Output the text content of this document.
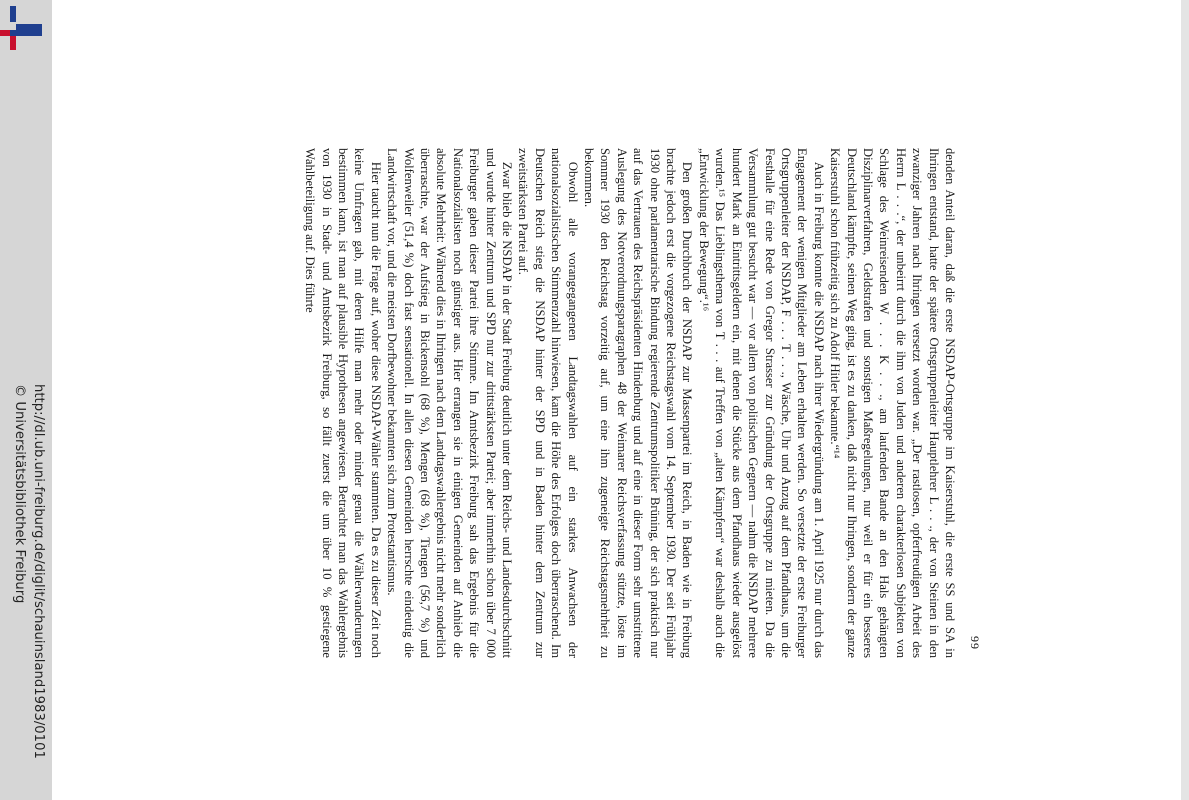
http://dl.ub.uni-freiburg.de/diglit/schauinsland1983/0101
© Universitätsbibliothek Freiburg
99

denden Anteil daran, daß die erste NSDAP-Ortsgruppe im Kaiserstuhl, die erste SS und SA in Ihringen entstand, hatte der spätere Ortsgruppenleiter Hauptlehrer L . . ., der von Steinen in den zwanziger Jahren nach Ihringen versetzt worden war. „Der rastlosen, opferfreudigen Arbeit des Herrn L . . .“, der unbeirrt durch die ihm von Juden und anderen charakterlosen Subjekten von Schlage des Weinreisenden W . . . K . . ., am laufenden Bande an den Hals gehängten Disziplinarverfahren, Geldstrafen und sonstigen Maßregelungen, nur weil er für ein besseres Deutschland kämpfte, seinen Weg ging, ist es zu danken, daß nicht nur Ihringen, sondern der ganze Kaiserstuhl schon frühzeitig sich zu Adolf Hitler bekannte.“¹⁴

Auch in Freiburg konnte die NSDAP nach ihrer Wiedergründung am 1. April 1925 nur durch das Engagement der wenigen Mitglieder am Leben erhalten werden. So versetzte der erste Freiburger Ortsgruppenleiter der NSDAP, F . . . T . . ., Wäsche, Uhr und Anzug auf dem Pfandhaus, um die Festhalle für eine Rede von Gregor Strasser zur Gründung der Ortsgruppe zu mieten. Da die Versammlung gut besucht war — vor allem von politischen Gegnern — nahm die NSDAP mehrere hundert Mark an Eintrittsgeldern ein, mit denen die Stücke aus dem Pfandhaus wieder ausgelöst wurden.¹⁵ Das Lieblingsthema von T . . . auf Treffen von „alten Kämpfern“ war deshalb auch die „Entwicklung der Bewegung“.¹⁶

Den großen Durchbruch der NSDAP zur Massenpartei im Reich, in Baden wie in Freiburg brachte jedoch erst die vorgezogene Reichstagswahl vom 14. September 1930. Der seit Frühjahr 1930 ohne parlamentarische Bindung regierende Zentrumspolitiker Brüning, der sich praktisch nur auf das Vertrauen des Reichspräsidenten Hindenburg und auf eine in dieser Form sehr umstrittene Auslegung des Notverordnungsparagraphen 48 der Weimarer Reichsverfassung stützte, löste im Sommer 1930 den Reichstag vorzeitig auf, um eine ihm zugeneigte Reichstagsmehrheit zu bekommen.

Obwohl alle vorangegangenen Landtagswahlen auf ein starkes Anwachsen der nationalsozialistischen Stimmenzahl hinwiesen, kam die Höhe des Erfolges doch überraschend. Im Deutschen Reich stieg die NSDAP hinter der SPD und in Baden hinter dem Zentrum zur zweitstärksten Partei auf.

Zwar blieb die NSDAP in der Stadt Freiburg deutlich unter dem Reichs- und Landesdurchschnitt und wurde hinter Zentrum und SPD nur zur drittstärksten Partei; aber immerhin schon über 7 000 Freiburger gaben dieser Partei ihre Stimme. Im Amtsbezirk Freiburg sah das Ergebnis für die Nationalsozialisten noch günstiger aus. Hier errangen sie in einigen Gemeinden auf Anhieb die absolute Mehrheit: Während dies in Ihringen nach dem Landtagswahlergebnis nicht mehr sonderlich überraschte, war der Aufstieg in Bickensohl (68 %), Mengen (68 %), Tiengen (56,7 %) und Wolfenweiler (51,4 %) doch fast sensationell. In allen diesen Gemeinden herrschte eindeutig die Landwirtschaft vor, und die meisten Dorfbewohner bekannten sich zum Protestantismus.

Hier taucht nun die Frage auf, woher diese NSDAP-Wähler stammten. Da es zu dieser Zeit noch keine Umfragen gab, mit deren Hilfe man mehr oder minder genau die Wählerwanderungen bestimmen kann, ist man auf plausible Hypothesen angewiesen. Betrachtet man das Wahlergebnis von 1930 in Stadt- und Amtsbezirk Freiburg, so fällt zuerst die um über 10 % gestiegene Wahlbeteiligung auf. Dies führte
